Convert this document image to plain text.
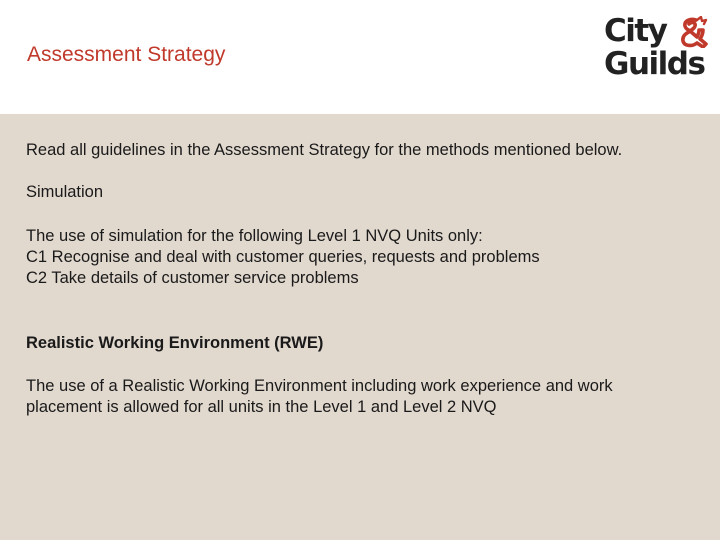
Assessment Strategy
City
Guilds

Read all guidelines in the Assessment Strategy for the methods mentioned below.

Simulation

The use of simulation for the following Level 1 NVQ Units only:

C1 Recognise and deal with customer queries, requests and problems

C2 Take details of customer service problems

Realistic Working Environment (RWE)

The use of a Realistic Working Environment including work experience and work

placement is allowed for all units in the Level 1 and Level 2 NVQ
